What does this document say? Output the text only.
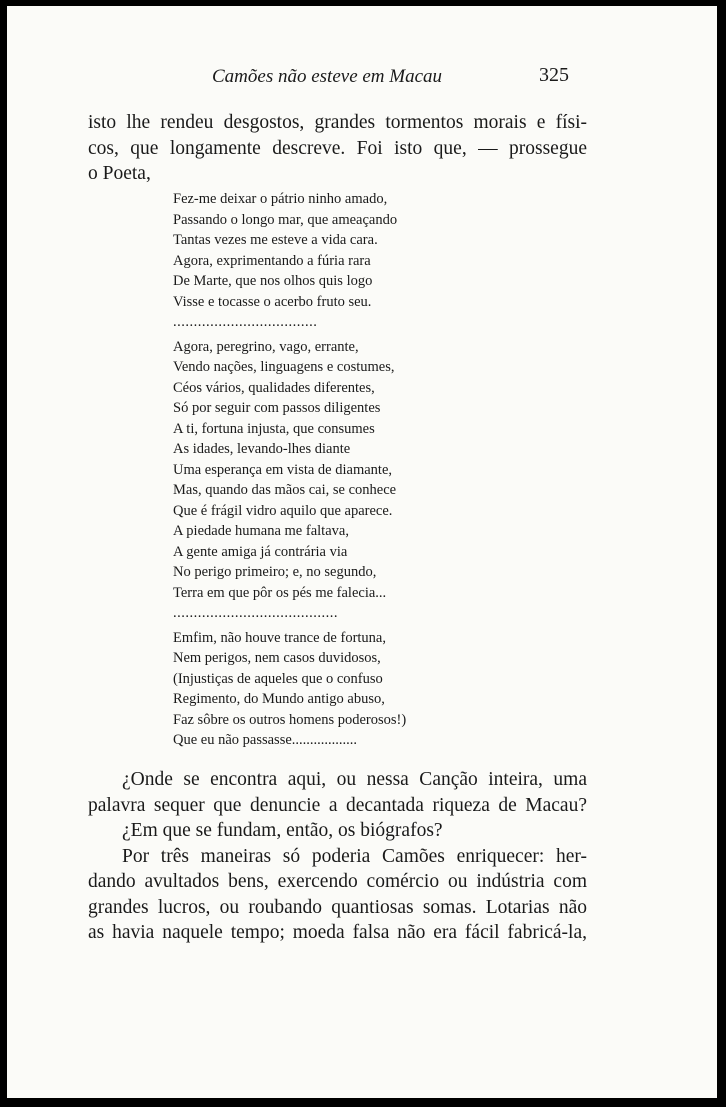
Camões não esteve em Macau	325
isto lhe rendeu desgostos, grandes tormentos morais e físi-
cos, que longamente descreve. Foi isto que, — prossegue
o Poeta,
Fez-me deixar o pátrio ninho amado,
Passando o longo mar, que ameaçando
Tantas vezes me esteve a vida cara.
Agora, exprimentando a fúria rara
De Marte, que nos olhos quis logo
Visse e tocasse o acerbo fruto seu.
...................................
Agora, peregrino, vago, errante,
Vendo nações, linguagens e costumes,
Céos vários, qualidades diferentes,
Só por seguir com passos diligentes
A ti, fortuna injusta, que consumes
As idades, levando-lhes diante
Uma esperança em vista de diamante,
Mas, quando das mãos cai, se conhece
Que é frágil vidro aquilo que aparece.
A piedade humana me faltava,
A gente amiga já contrária via
No perigo primeiro; e, no segundo,
Terra em que pôr os pés me falecia...
........................................
Emfim, não houve trance de fortuna,
Nem perigos, nem casos duvidosos,
(Injustiças de aqueles que o confuso
Regimento, do Mundo antigo abuso,
Faz sôbre os outros homens poderosos!)
Que eu não passasse..................
¿Onde se encontra aqui, ou nessa Canção inteira, uma
palavra sequer que denuncie a decantada riqueza de Macau?
¿Em que se fundam, então, os biógrafos?
Por três maneiras só poderia Camões enriquecer: her-
dando avultados bens, exercendo comércio ou indústria com
grandes lucros, ou roubando quantiosas somas. Lotarias não
as havia naquele tempo; moeda falsa não era fácil fabricá-la,
